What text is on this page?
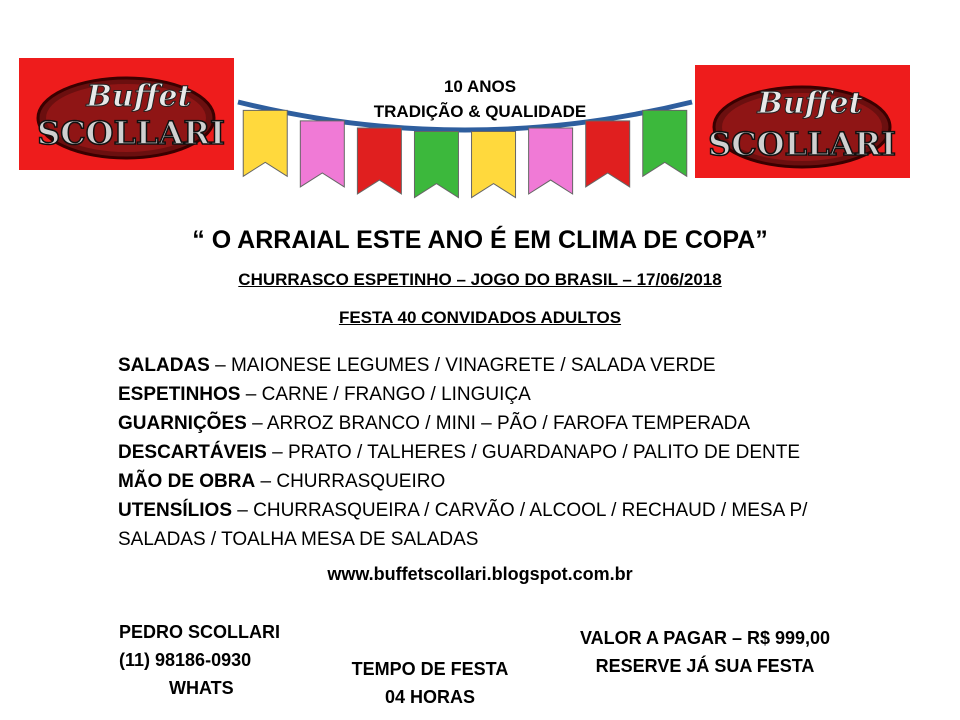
Buffet
SCOLLARI
Buffet
SCOLLARI
10 ANOS
TRADIÇÃO & QUALIDADE
“ O ARRAIAL ESTE ANO É EM CLIMA DE COPA”
CHURRASCO ESPETINHO – JOGO DO BRASIL – 17/06/2018
FESTA 40 CONVIDADOS ADULTOS
SALADAS – MAIONESE LEGUMES / VINAGRETE / SALADA VERDE
ESPETINHOS – CARNE / FRANGO / LINGUIÇA
GUARNIÇÕES – ARROZ BRANCO / MINI – PÃO / FAROFA TEMPERADA
DESCARTÁVEIS – PRATO / TALHERES / GUARDANAPO / PALITO DE DENTE
MÃO DE OBRA – CHURRASQUEIRO
UTENSÍLIOS – CHURRASQUEIRA / CARVÃO / ALCOOL / RECHAUD / MESA P/ SALADAS / TOALHA MESA DE SALADAS
www.buffetscollari.blogspot.com.br
PEDRO SCOLLARI
(11) 98186-0930
WHATS
TEMPO DE FESTA
04 HORAS
VALOR A PAGAR – R$ 999,00
RESERVE JÁ SUA FESTA
